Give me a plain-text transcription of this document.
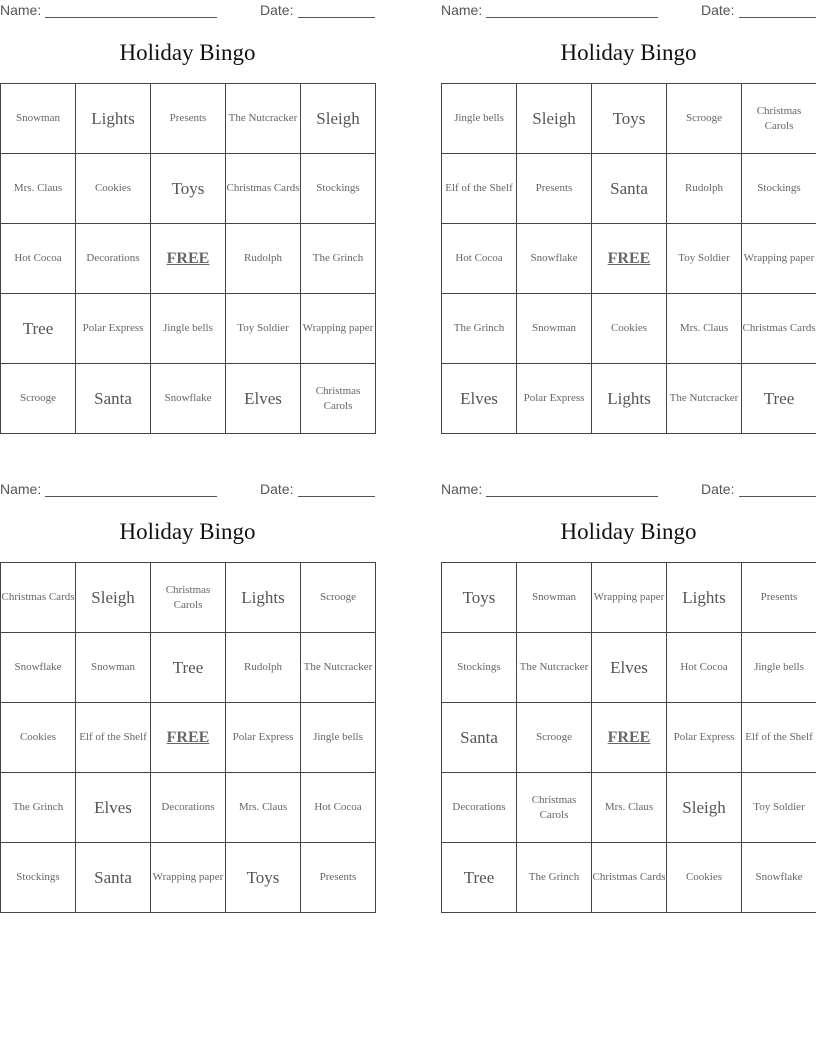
Name:	Date:
Holiday Bingo
Snowman	Lights	Presents	The Nutcracker	Sleigh
Mrs. Claus	Cookies	Toys	Christmas Cards	Stockings
Hot Cocoa	Decorations	FREE	Rudolph	The Grinch
Tree	Polar Express	Jingle bells	Toy Soldier	Wrapping paper
Scrooge	Santa	Snowflake	Elves	Christmas Carols
Name:	Date:
Holiday Bingo
Jingle bells	Sleigh	Toys	Scrooge	Christmas Carols
Elf of the Shelf	Presents	Santa	Rudolph	Stockings
Hot Cocoa	Snowflake	FREE	Toy Soldier	Wrapping paper
The Grinch	Snowman	Cookies	Mrs. Claus	Christmas Cards
Elves	Polar Express	Lights	The Nutcracker	Tree
Name:	Date:
Holiday Bingo
Christmas Cards	Sleigh	Christmas Carols	Lights	Scrooge
Snowflake	Snowman	Tree	Rudolph	The Nutcracker
Cookies	Elf of the Shelf	FREE	Polar Express	Jingle bells
The Grinch	Elves	Decorations	Mrs. Claus	Hot Cocoa
Stockings	Santa	Wrapping paper	Toys	Presents
Name:	Date:
Holiday Bingo
Toys	Snowman	Wrapping paper	Lights	Presents
Stockings	The Nutcracker	Elves	Hot Cocoa	Jingle bells
Santa	Scrooge	FREE	Polar Express	Elf of the Shelf
Decorations	Christmas Carols	Mrs. Claus	Sleigh	Toy Soldier
Tree	The Grinch	Christmas Cards	Cookies	Snowflake
